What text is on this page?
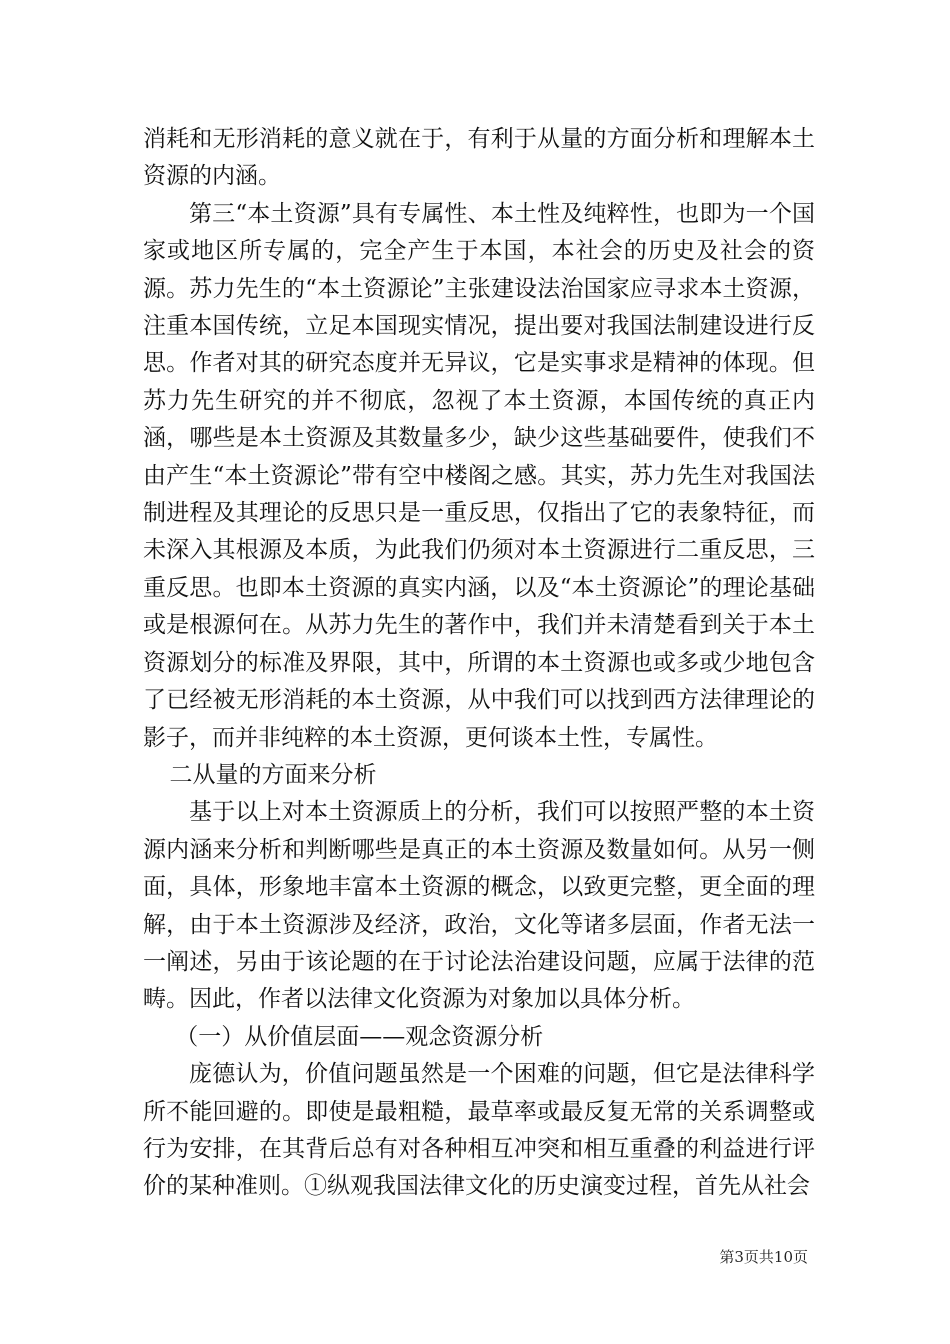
消耗和无形消耗的意义就在于，有利于从量的方面分析和理解本土资源的内涵。

第三“本土资源”具有专属性、本土性及纯粹性，也即为一个国家或地区所专属的，完全产生于本国，本社会的历史及社会的资源。苏力先生的“本土资源论”主张建设法治国家应寻求本土资源，注重本国传统，立足本国现实情况，提出要对我国法制建设进行反思。作者对其的研究态度并无异议，它是实事求是精神的体现。但苏力先生研究的并不彻底，忽视了本土资源，本国传统的真正内涵，哪些是本土资源及其数量多少，缺少这些基础要件，使我们不由产生“本土资源论”带有空中楼阁之感。其实，苏力先生对我国法制进程及其理论的反思只是一重反思，仅指出了它的表象特征，而未深入其根源及本质，为此我们仍须对本土资源进行二重反思，三重反思。也即本土资源的真实内涵，以及“本土资源论”的理论基础或是根源何在。从苏力先生的著作中，我们并未清楚看到关于本土资源划分的标准及界限，其中，所谓的本土资源也或多或少地包含了已经被无形消耗的本土资源，从中我们可以找到西方法律理论的影子，而并非纯粹的本土资源，更何谈本土性，专属性。

二从量的方面来分析

基于以上对本土资源质上的分析，我们可以按照严整的本土资源内涵来分析和判断哪些是真正的本土资源及数量如何。从另一侧面，具体，形象地丰富本土资源的概念，以致更完整，更全面的理解，由于本土资源涉及经济，政治，文化等诸多层面，作者无法一一阐述，另由于该论题的在于讨论法治建设问题，应属于法律的范畴。因此，作者以法律文化资源为对象加以具体分析。

（一）从价值层面——观念资源分析

庞德认为，价值问题虽然是一个困难的问题，但它是法律科学所不能回避的。即使是最粗糙，最草率或最反复无常的关系调整或行为安排，在其背后总有对各种相互冲突和相互重叠的利益进行评价的某种准则。①纵观我国法律文化的历史演变过程，首先从社会

第3页共10页
